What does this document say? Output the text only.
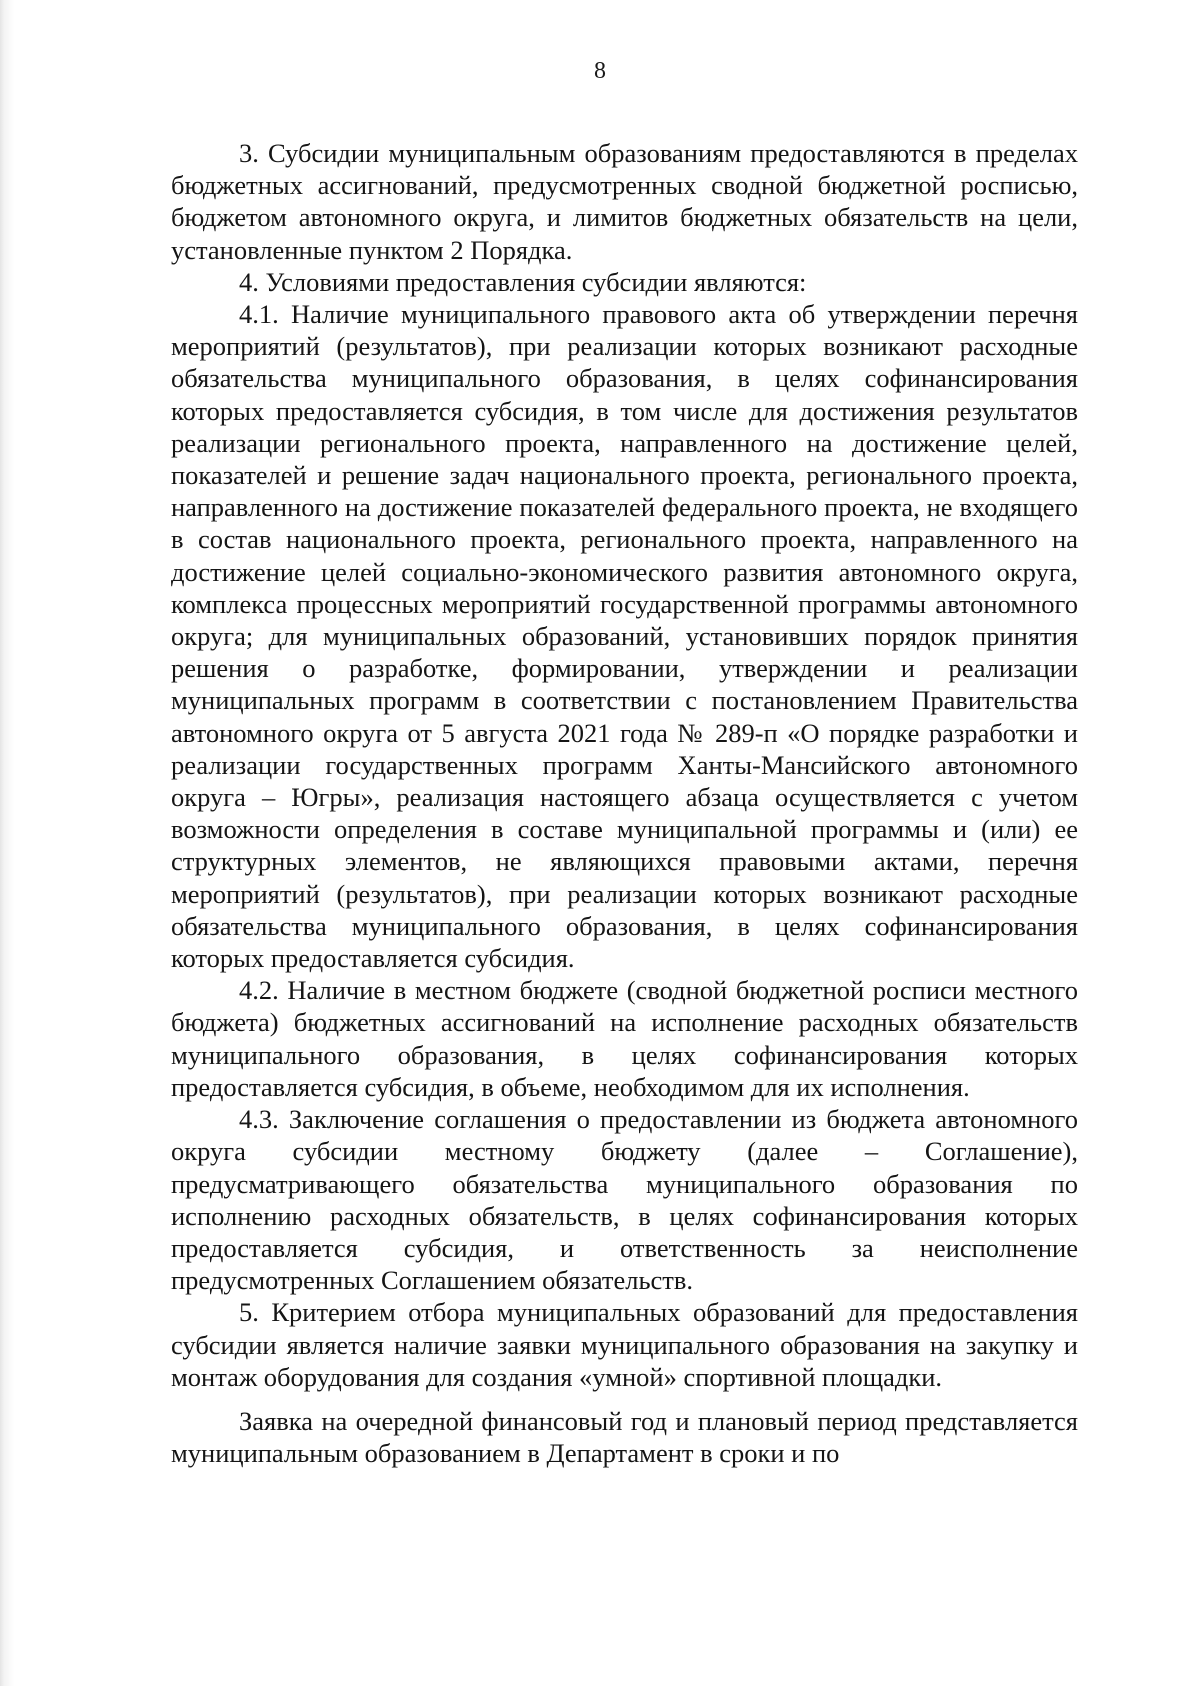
8

3. Субсидии муниципальным образованиям предоставляются в пределах бюджетных ассигнований, предусмотренных сводной бюджетной росписью, бюджетом автономного округа, и лимитов бюджетных обязательств на цели, установленные пунктом 2 Порядка.

4. Условиями предоставления субсидии являются:

4.1. Наличие муниципального правового акта об утверждении перечня мероприятий (результатов), при реализации которых возникают расходные обязательства муниципального образования, в целях софинансирования которых предоставляется субсидия, в том числе для достижения результатов реализации регионального проекта, направленного на достижение целей, показателей и решение задач национального проекта, регионального проекта, направленного на достижение показателей федерального проекта, не входящего в состав национального проекта, регионального проекта, направленного на достижение целей социально-экономического развития автономного округа, комплекса процессных мероприятий государственной программы автономного округа; для муниципальных образований, установивших порядок принятия решения о разработке, формировании, утверждении и реализации муниципальных программ в соответствии с постановлением Правительства автономного округа от 5 августа 2021 года № 289-п «О порядке разработки и реализации государственных программ Ханты-Мансийского автономного округа – Югры», реализация настоящего абзаца осуществляется с учетом возможности определения в составе муниципальной программы и (или) ее структурных элементов, не являющихся правовыми актами, перечня мероприятий (результатов), при реализации которых возникают расходные обязательства муниципального образования, в целях софинансирования которых предоставляется субсидия.

4.2. Наличие в местном бюджете (сводной бюджетной росписи местного бюджета) бюджетных ассигнований на исполнение расходных обязательств муниципального образования, в целях софинансирования которых предоставляется субсидия, в объеме, необходимом для их исполнения.

4.3. Заключение соглашения о предоставлении из бюджета автономного округа субсидии местному бюджету (далее – Соглашение), предусматривающего обязательства муниципального образования по исполнению расходных обязательств, в целях софинансирования которых предоставляется субсидия, и ответственность за неисполнение предусмотренных Соглашением обязательств.

5. Критерием отбора муниципальных образований для предоставления субсидии является наличие заявки муниципального образования на закупку и монтаж оборудования для создания «умной» спортивной площадки.

Заявка на очередной финансовый год и плановый период представляется муниципальным образованием в Департамент в сроки и по
